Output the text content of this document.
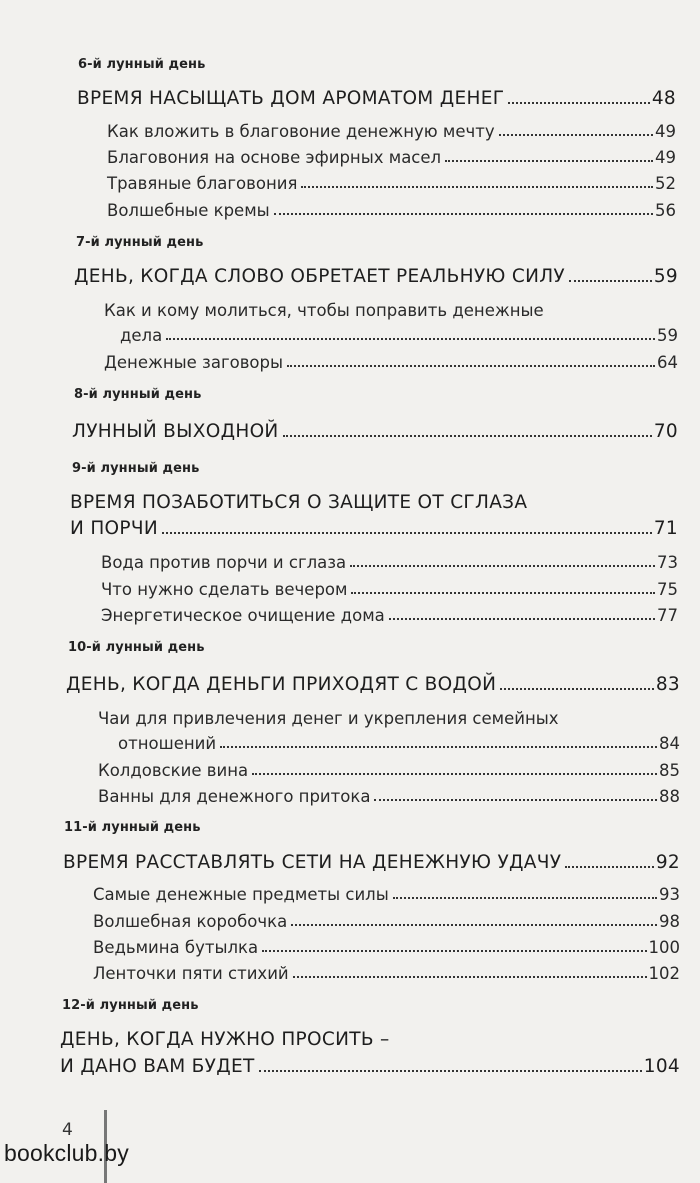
6-й лунный день
ВРЕМЯ НАСЫЩАТЬ ДОМ АРОМАТОМ ДЕНЕГ	48
Как вложить в благовоние денежную мечту	49
Благовония на основе эфирных масел	49
Травяные благовония	52
Волшебные кремы	56
7-й лунный день
ДЕНЬ, КОГДА СЛОВО ОБРЕТАЕТ РЕАЛЬНУЮ СИЛУ	59
Как и кому молиться, чтобы поправить денежные
дела	59
Денежные заговоры	64
8-й лунный день
ЛУННЫЙ ВЫХОДНОЙ	70
9-й лунный день
ВРЕМЯ ПОЗАБОТИТЬСЯ О ЗАЩИТЕ ОТ СГЛАЗА
И ПОРЧИ	71
Вода против порчи и сглаза	73
Что нужно сделать вечером	75
Энергетическое очищение дома	77
10-й лунный день
ДЕНЬ, КОГДА ДЕНЬГИ ПРИХОДЯТ С ВОДОЙ	83
Чаи для привлечения денег и укрепления семейных
отношений	84
Колдовские вина	85
Ванны для денежного притока	88
11-й лунный день
ВРЕМЯ РАССТАВЛЯТЬ СЕТИ НА ДЕНЕЖНУЮ УДАЧУ	92
Самые денежные предметы силы	93
Волшебная коробочка	98
Ведьмина бутылка	100
Ленточки пяти стихий	102
12-й лунный день
ДЕНЬ, КОГДА НУЖНО ПРОСИТЬ –
И ДАНО ВАМ БУДЕТ	104
4
bookclub.by
